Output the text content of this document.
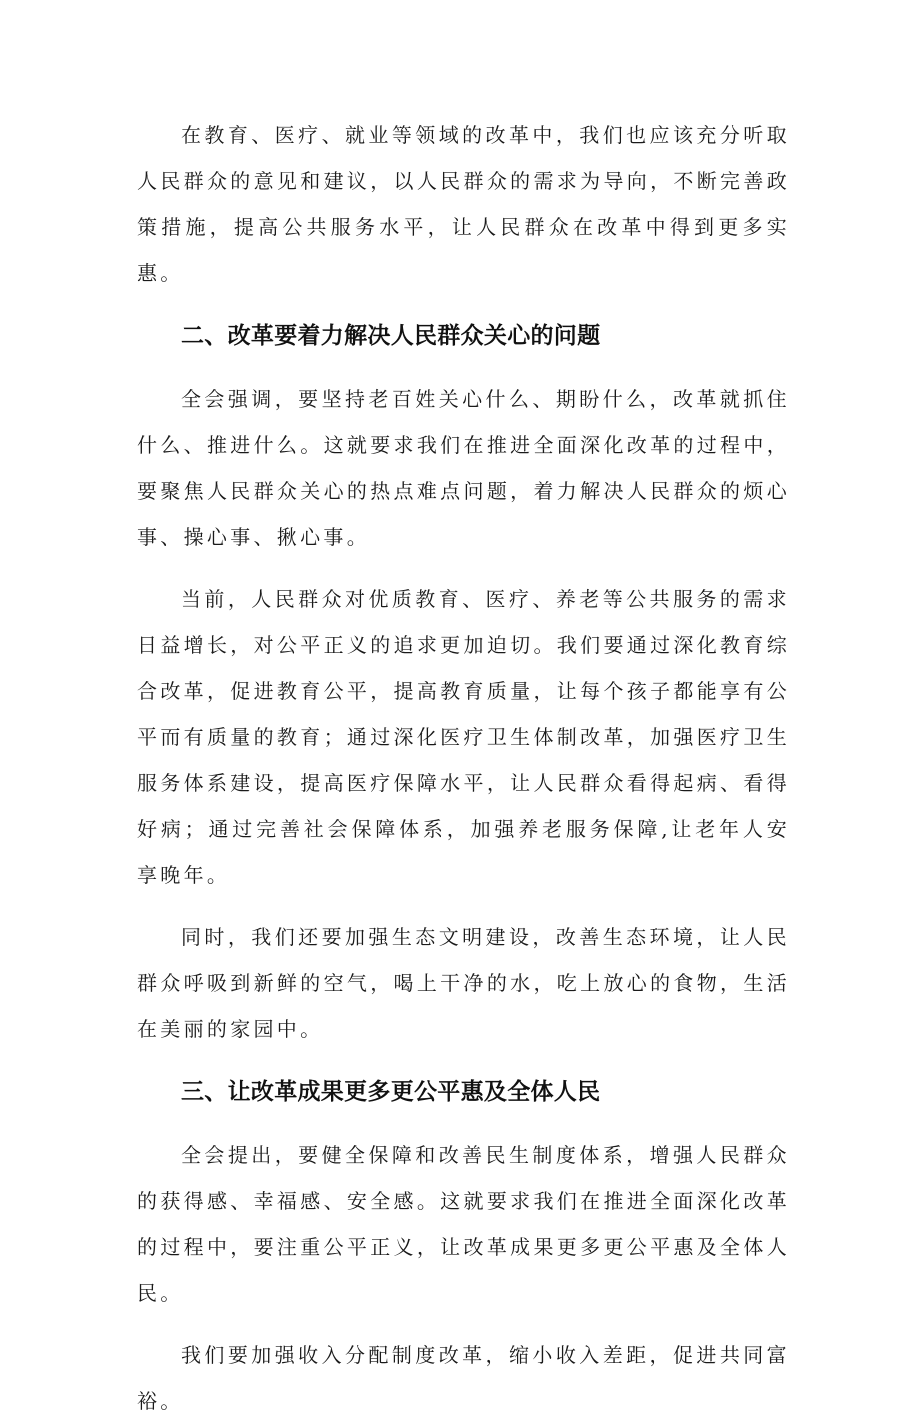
在教育、医疗、就业等领域的改革中，我们也应该充分听取人民群众的意见和建议，以人民群众的需求为导向，不断完善政策措施，提高公共服务水平，让人民群众在改革中得到更多实惠。

二、改革要着力解决人民群众关心的问题

全会强调，要坚持老百姓关心什么、期盼什么，改革就抓住什么、推进什么。这就要求我们在推进全面深化改革的过程中，要聚焦人民群众关心的热点难点问题，着力解决人民群众的烦心事、操心事、揪心事。

当前，人民群众对优质教育、医疗、养老等公共服务的需求日益增长，对公平正义的追求更加迫切。我们要通过深化教育综合改革，促进教育公平，提高教育质量，让每个孩子都能享有公平而有质量的教育；通过深化医疗卫生体制改革，加强医疗卫生服务体系建设，提高医疗保障水平，让人民群众看得起病、看得好病；通过完善社会保障体系，加强养老服务保障,让老年人安享晚年。

同时，我们还要加强生态文明建设，改善生态环境，让人民群众呼吸到新鲜的空气，喝上干净的水，吃上放心的食物，生活在美丽的家园中。

三、让改革成果更多更公平惠及全体人民

全会提出，要健全保障和改善民生制度体系，增强人民群众的获得感、幸福感、安全感。这就要求我们在推进全面深化改革的过程中，要注重公平正义，让改革成果更多更公平惠及全体人民。

我们要加强收入分配制度改革，缩小收入差距，促进共同富裕。
